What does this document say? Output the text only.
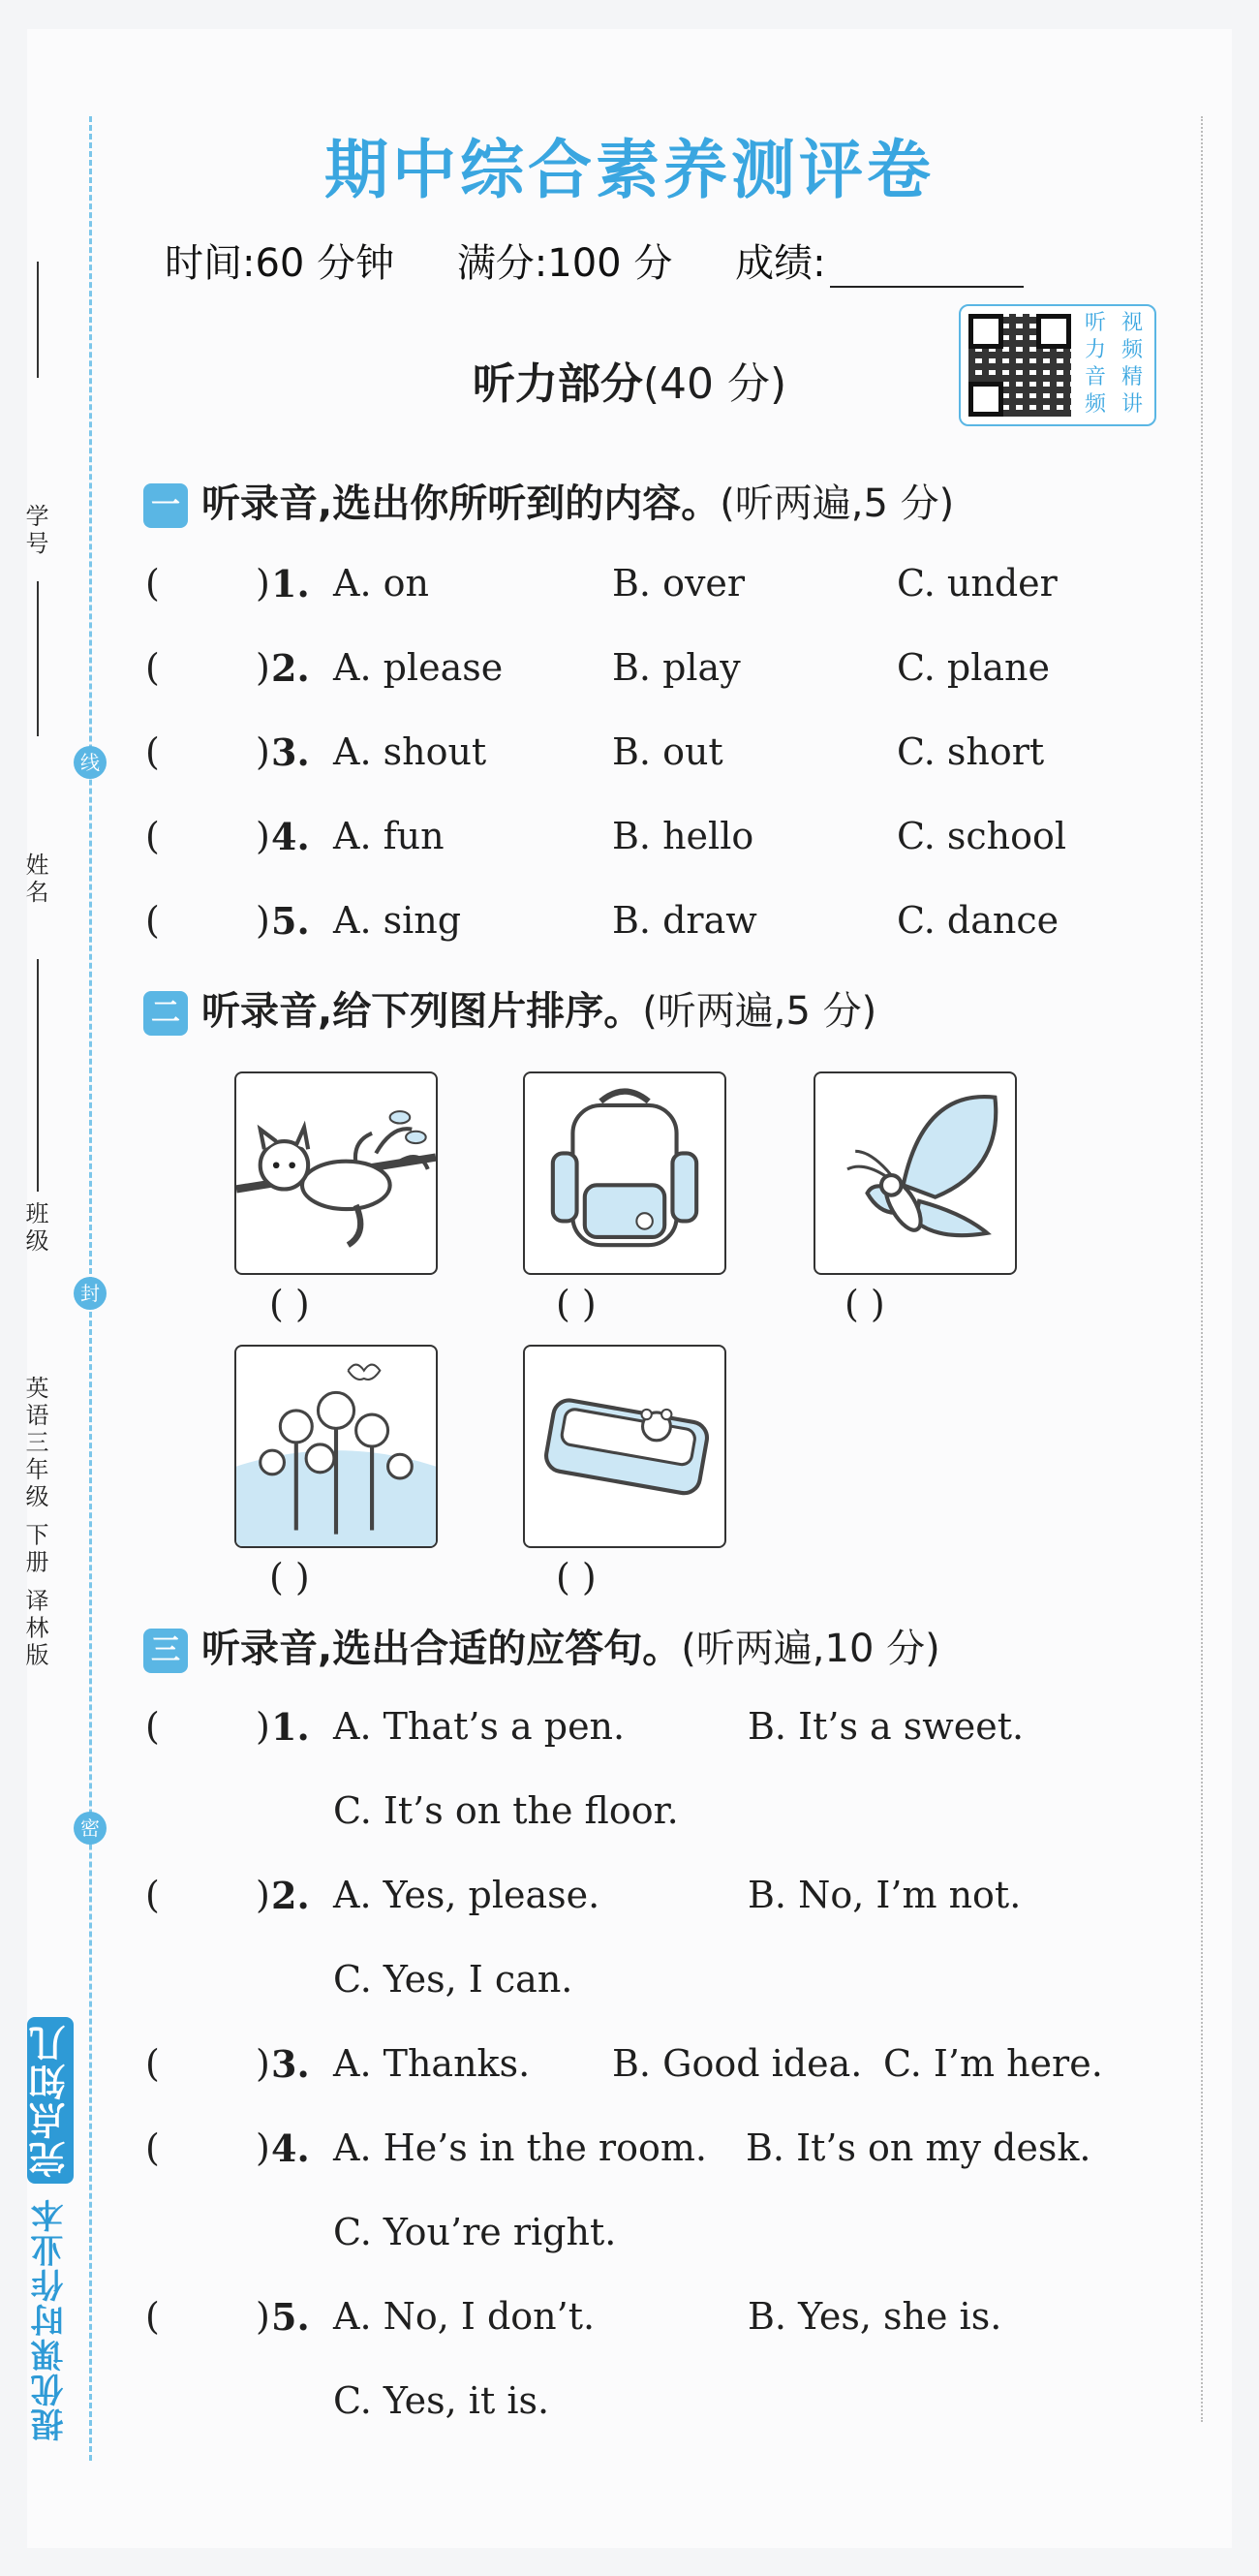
学号
线
姓名
班级
封
英语三年级 下册 译林版
密
提优课时作业本 完点知几
期中综合素养测评卷
时间:60 分钟 满分:100 分 成绩:
听力部分(40 分)
听 视
力 频
音 精
频 讲
一 听录音,选出你所听到的内容。(听两遍,5 分)
(	) 1. A. on	B. over	C. under
(	) 2. A. please	B. play	C. plane
(	) 3. A. shout	B. out	C. short
(	) 4. A. fun	B. hello	C. school
(	) 5. A. sing	B. draw	C. dance
二 听录音,给下列图片排序。(听两遍,5 分)
( )	( )	( )
( )	( )
三 听录音,选出合适的应答句。(听两遍,10 分)
(	) 1. A. That’s a pen.	B. It’s a sweet.
C. It’s on the floor.
(	) 2. A. Yes, please.	B. No, I’m not.
C. Yes, I can.
(	) 3. A. Thanks. B. Good idea. C. I’m here.
(	) 4. A. He’s in the room. B. It’s on my desk.
C. You’re right.
(	) 5. A. No, I don’t.	B. Yes, she is.
C. Yes, it is.
